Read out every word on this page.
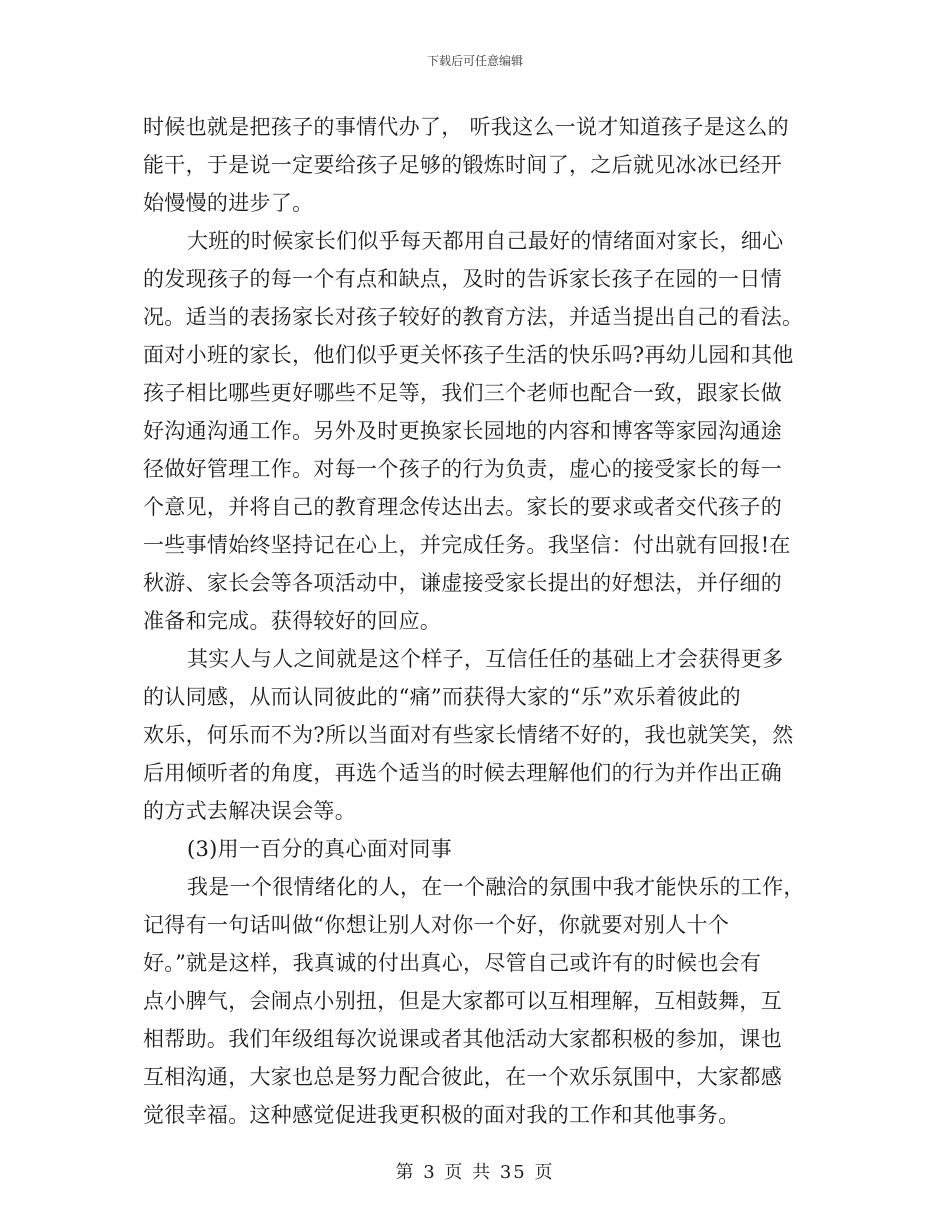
下载后可任意编辑
时候也就是把孩子的事情代办了， 听我这么一说才知道孩子是这么的
能干，于是说一定要给孩子足够的锻炼时间了，之后就见冰冰已经开
始慢慢的进步了。
大班的时候家长们似乎每天都用自己最好的情绪面对家长，细心
的发现孩子的每一个有点和缺点，及时的告诉家长孩子在园的一日情
况。适当的表扬家长对孩子较好的教育方法，并适当提出自己的看法。
面对小班的家长，他们似乎更关怀孩子生活的快乐吗?再幼儿园和其他
孩子相比哪些更好哪些不足等，我们三个老师也配合一致，跟家长做
好沟通沟通工作。另外及时更换家长园地的内容和博客等家园沟通途
径做好管理工作。对每一个孩子的行为负责，虚心的接受家长的每一
个意见，并将自己的教育理念传达出去。家长的要求或者交代孩子的
一些事情始终坚持记在心上，并完成任务。我坚信：付出就有回报!在
秋游、家长会等各项活动中，谦虚接受家长提出的好想法，并仔细的
准备和完成。获得较好的回应。
其实人与人之间就是这个样子，互信任任的基础上才会获得更多
的认同感，从而认同彼此的“痛”而获得大家的“乐”欢乐着彼此的
欢乐，何乐而不为?所以当面对有些家长情绪不好的，我也就笑笑，然
后用倾听者的角度，再选个适当的时候去理解他们的行为并作出正确
的方式去解决误会等。
(3)用一百分的真心面对同事
我是一个很情绪化的人，在一个融洽的氛围中我才能快乐的工作，
记得有一句话叫做“你想让别人对你一个好，你就要对别人十个
好。”就是这样，我真诚的付出真心，尽管自己或许有的时候也会有
点小脾气，会闹点小别扭，但是大家都可以互相理解，互相鼓舞，互
相帮助。我们年级组每次说课或者其他活动大家都积极的参加，课也
互相沟通，大家也总是努力配合彼此，在一个欢乐氛围中，大家都感
觉很幸福。这种感觉促进我更积极的面对我的工作和其他事务。
第 3 页 共 35 页
